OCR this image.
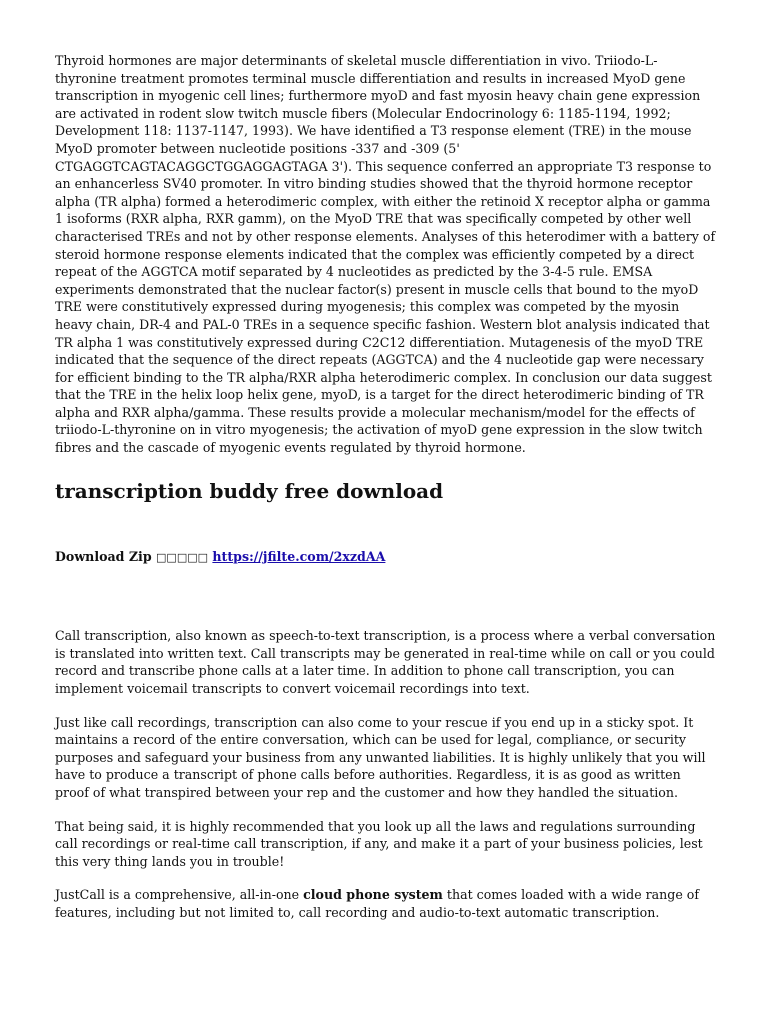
Thyroid hormones are major determinants of skeletal muscle differentiation in vivo. Triiodo-L-thyronine treatment promotes terminal muscle differentiation and results in increased MyoD gene transcription in myogenic cell lines; furthermore myoD and fast myosin heavy chain gene expression are activated in rodent slow twitch muscle fibers (Molecular Endocrinology 6: 1185-1194, 1992; Development 118: 1137-1147, 1993). We have identified a T3 response element (TRE) in the mouse MyoD promoter between nucleotide positions -337 and -309 (5' CTGAGGTCAGTACAGGCTGGAGGAGTAGA 3'). This sequence conferred an appropriate T3 response to an enhancerless SV40 promoter. In vitro binding studies showed that the thyroid hormone receptor alpha (TR alpha) formed a heterodimeric complex, with either the retinoid X receptor alpha or gamma 1 isoforms (RXR alpha, RXR gamm), on the MyoD TRE that was specifically competed by other well characterised TREs and not by other response elements. Analyses of this heterodimer with a battery of steroid hormone response elements indicated that the complex was efficiently competed by a direct repeat of the AGGTCA motif separated by 4 nucleotides as predicted by the 3-4-5 rule. EMSA experiments demonstrated that the nuclear factor(s) present in muscle cells that bound to the myoD TRE were constitutively expressed during myogenesis; this complex was competed by the myosin heavy chain, DR-4 and PAL-0 TREs in a sequence specific fashion. Western blot analysis indicated that TR alpha 1 was constitutively expressed during C2C12 differentiation. Mutagenesis of the myoD TRE indicated that the sequence of the direct repeats (AGGTCA) and the 4 nucleotide gap were necessary for efficient binding to the TR alpha/RXR alpha heterodimeric complex. In conclusion our data suggest that the TRE in the helix loop helix gene, myoD, is a target for the direct heterodimeric binding of TR alpha and RXR alpha/gamma. These results provide a molecular mechanism/model for the effects of triiodo-L-thyronine on in vitro myogenesis; the activation of myoD gene expression in the slow twitch fibres and the cascade of myogenic events regulated by thyroid hormone.

transcription buddy free download

Download Zip □□□□□ https://jfilte.com/2xzdAA

Call transcription, also known as speech-to-text transcription, is a process where a verbal conversation is translated into written text. Call transcripts may be generated in real-time while on call or you could record and transcribe phone calls at a later time. In addition to phone call transcription, you can implement voicemail transcripts to convert voicemail recordings into text.

Just like call recordings, transcription can also come to your rescue if you end up in a sticky spot. It maintains a record of the entire conversation, which can be used for legal, compliance, or security purposes and safeguard your business from any unwanted liabilities. It is highly unlikely that you will have to produce a transcript of phone calls before authorities. Regardless, it is as good as written proof of what transpired between your rep and the customer and how they handled the situation.

That being said, it is highly recommended that you look up all the laws and regulations surrounding call recordings or real-time call transcription, if any, and make it a part of your business policies, lest this very thing lands you in trouble!

JustCall is a comprehensive, all-in-one cloud phone system that comes loaded with a wide range of features, including but not limited to, call recording and audio-to-text automatic transcription.
